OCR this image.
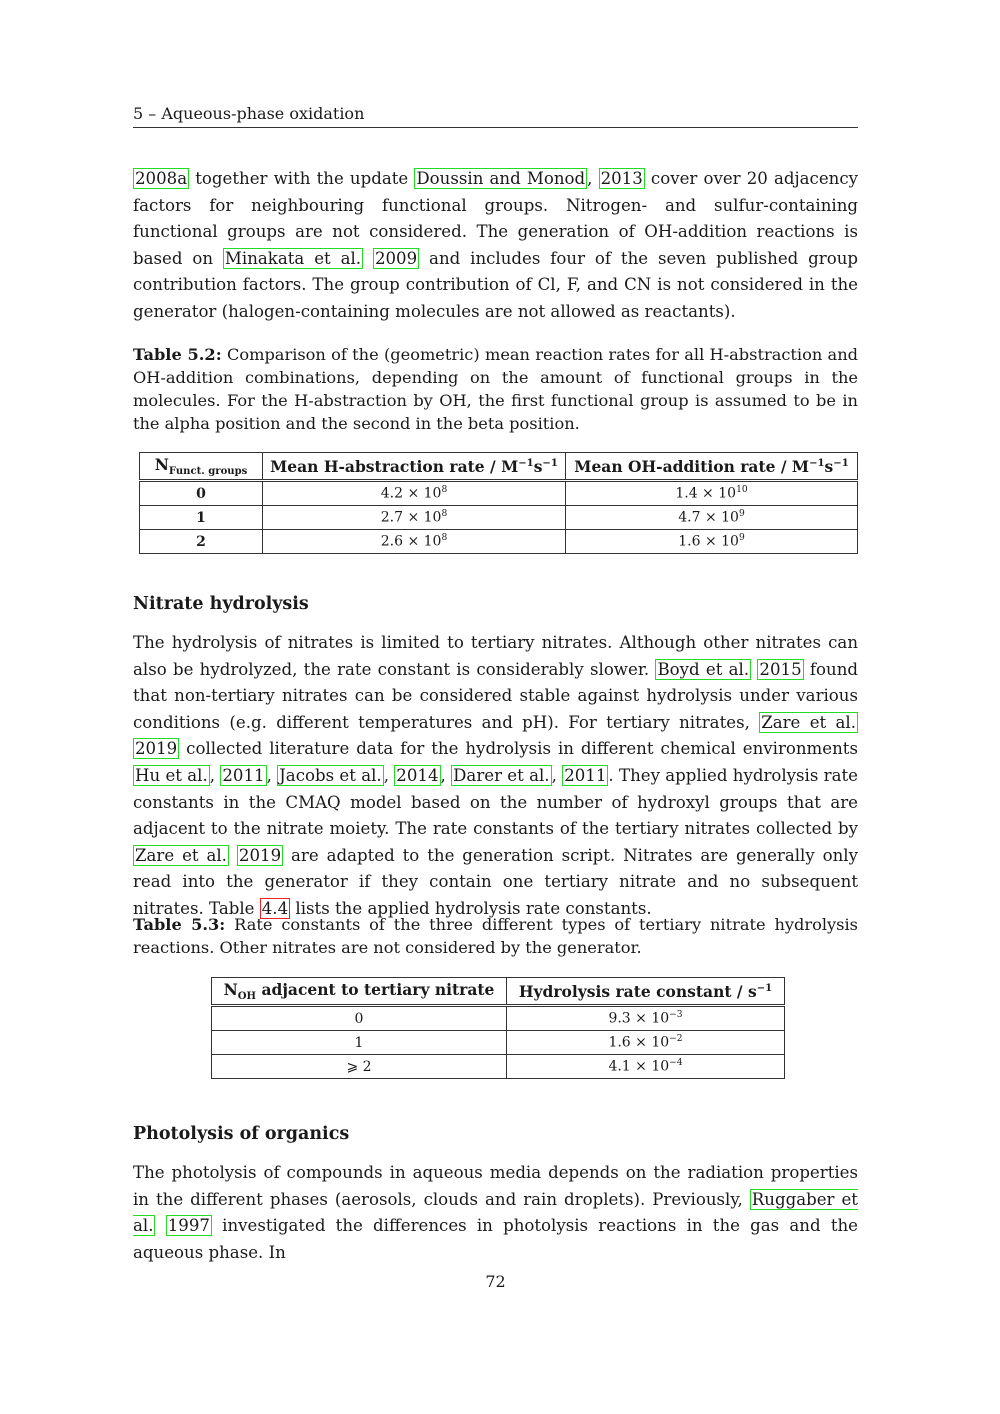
5 – Aqueous-phase oxidation

2008a together with the update Doussin and Monod , 2013 cover over 20 adjacency factors for neighbouring functional groups. Nitrogen- and sulfur-containing functional groups are not considered. The generation of OH-addition reactions is based on Minakata et al. 2009 and includes four of the seven published group contribution factors. The group contribution of Cl, F, and CN is not considered in the generator (halogen-containing molecules are not allowed as reactants).

Table 5.2: Comparison of the (geometric) mean reaction rates for all H-abstraction and OH-addition combinations, depending on the amount of functional groups in the molecules. For the H-abstraction by OH, the first functional group is assumed to be in the alpha position and the second in the beta position.

$N_{Funct. groups}$	Mean H-abstraction rate / $M^{-1}s^{-1}$	Mean OH-addition rate / $M^{-1}s^{-1}$
0	$4.2 \times 10^8$	$1.4 \times 10^{10}$
1	$2.7 \times 10^8$	$4.7 \times 10^9$
2	$2.6 \times 10^8$	$1.6 \times 10^9$
Nitrate hydrolysis

The hydrolysis of nitrates is limited to tertiary nitrates. Although other nitrates can also be hydrolyzed, the rate constant is considerably slower. Boyd et al. 2015 found that non-tertiary nitrates can be considered stable against hydrolysis under various conditions (e.g. different temperatures and pH). For tertiary nitrates, Zare et al. 2019 collected literature data for the hydrolysis in different chemical environments Hu et al. , 2011 , Jacobs et al. , 2014 , Darer et al. , 2011 . They applied hydrolysis rate constants in the CMAQ model based on the number of hydroxyl groups that are adjacent to the nitrate moiety. The rate constants of the tertiary nitrates collected by Zare et al. 2019 are adapted to the generation script. Nitrates are generally only read into the generator if they contain one tertiary nitrate and no subsequent nitrates. Table 4.4 lists the applied hydrolysis rate constants.

Table 5.3: Rate constants of the three different types of tertiary nitrate hydrolysis reactions. Other nitrates are not considered by the generator.

$N_{OH}$ adjacent to tertiary nitrate	Hydrolysis rate constant / $s^{-1}$
0	$9.3 \times 10^{-3}$
1	$1.6 \times 10^{-2}$
⩾ 2	$4.1 \times 10^{-4}$
Photolysis of organics

The photolysis of compounds in aqueous media depends on the radiation properties in the different phases (aerosols, clouds and rain droplets). Previously, Ruggaber et al. 1997 investigated the differences in photolysis reactions in the gas and the aqueous phase. In

72
